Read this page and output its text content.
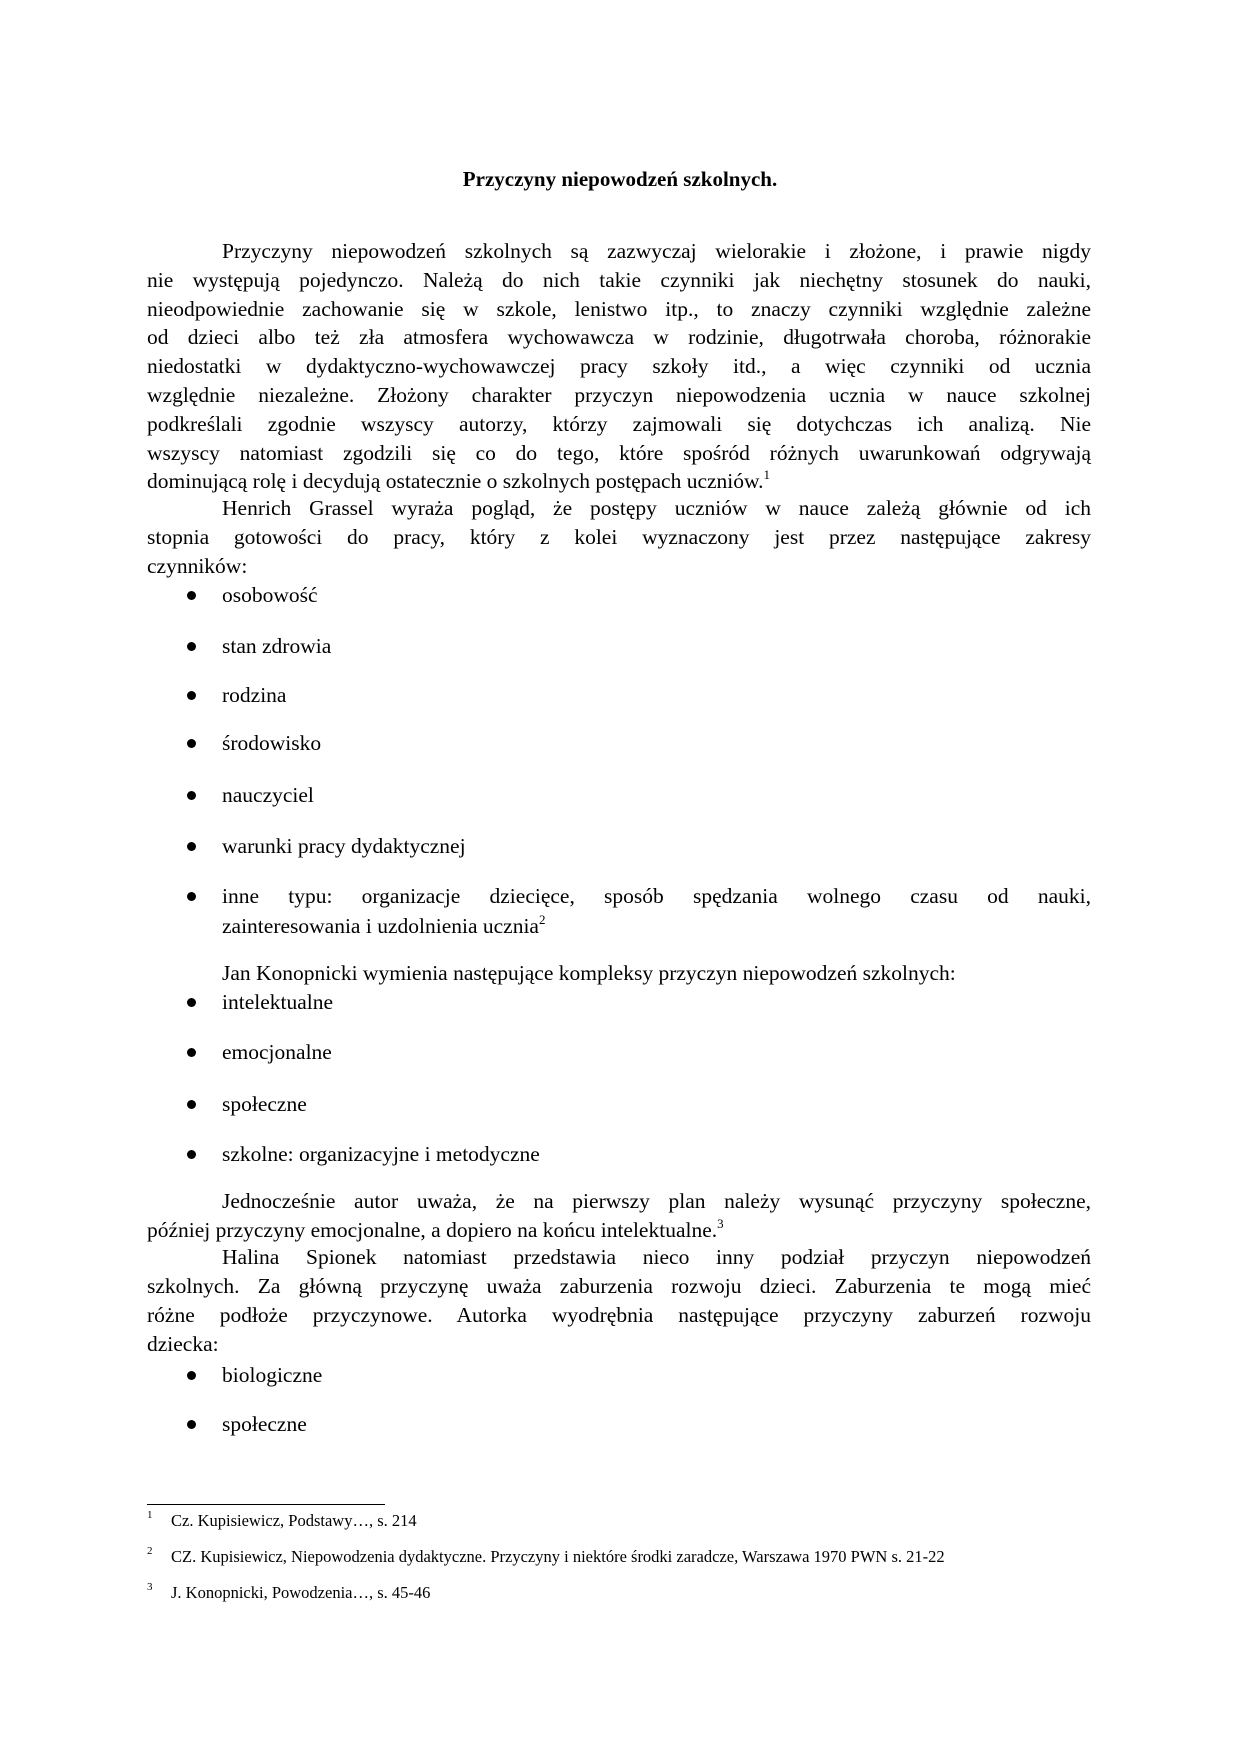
Przyczyny niepowodzeń szkolnych.
Przyczyny niepowodzeń szkolnych są zazwyczaj wielorakie i złożone, i prawie nigdy
nie występują pojedynczo. Należą do nich takie czynniki jak niechętny stosunek do nauki,
nieodpowiednie zachowanie się w szkole, lenistwo itp., to znaczy czynniki względnie zależne
od dzieci albo też zła atmosfera wychowawcza w rodzinie, długotrwała choroba, różnorakie
niedostatki w dydaktyczno-wychowawczej pracy szkoły itd., a więc czynniki od ucznia
względnie niezależne. Złożony charakter przyczyn niepowodzenia ucznia w nauce szkolnej
podkreślali zgodnie wszyscy autorzy, którzy zajmowali się dotychczas ich analizą. Nie
wszyscy natomiast zgodzili się co do tego, które spośród różnych uwarunkowań odgrywają
dominującą rolę i decydują ostatecznie o szkolnych postępach uczniów.$^1$
Henrich Grassel wyraża pogląd, że postępy uczniów w nauce zależą głównie od ich
stopnia gotowości do pracy, który z kolei wyznaczony jest przez następujące zakresy
czynników:
osobowość
stan zdrowia
rodzina
środowisko
nauczyciel
warunki pracy dydaktycznej
inne typu: organizacje dziecięce, sposób spędzania wolnego czasu od nauki,
zainteresowania i uzdolnienia ucznia$^2$
Jan Konopnicki wymienia następujące kompleksy przyczyn niepowodzeń szkolnych:
intelektualne
emocjonalne
społeczne
szkolne: organizacyjne i metodyczne
Jednocześnie autor uważa, że na pierwszy plan należy wysunąć przyczyny społeczne,
później przyczyny emocjonalne, a dopiero na końcu intelektualne.$^3$
Halina Spionek natomiast przedstawia nieco inny podział przyczyn niepowodzeń
szkolnych. Za główną przyczynę uważa zaburzenia rozwoju dzieci. Zaburzenia te mogą mieć
różne podłoże przyczynowe. Autorka wyodrębnia następujące przyczyny zaburzeń rozwoju
dziecka:
biologiczne
społeczne
1 Cz. Kupisiewicz, Podstawy…, s. 214
2 CZ. Kupisiewicz, Niepowodzenia dydaktyczne. Przyczyny i niektóre środki zaradcze, Warszawa 1970 PWN s. 21-22
3 J. Konopnicki, Powodzenia…, s. 45-46
